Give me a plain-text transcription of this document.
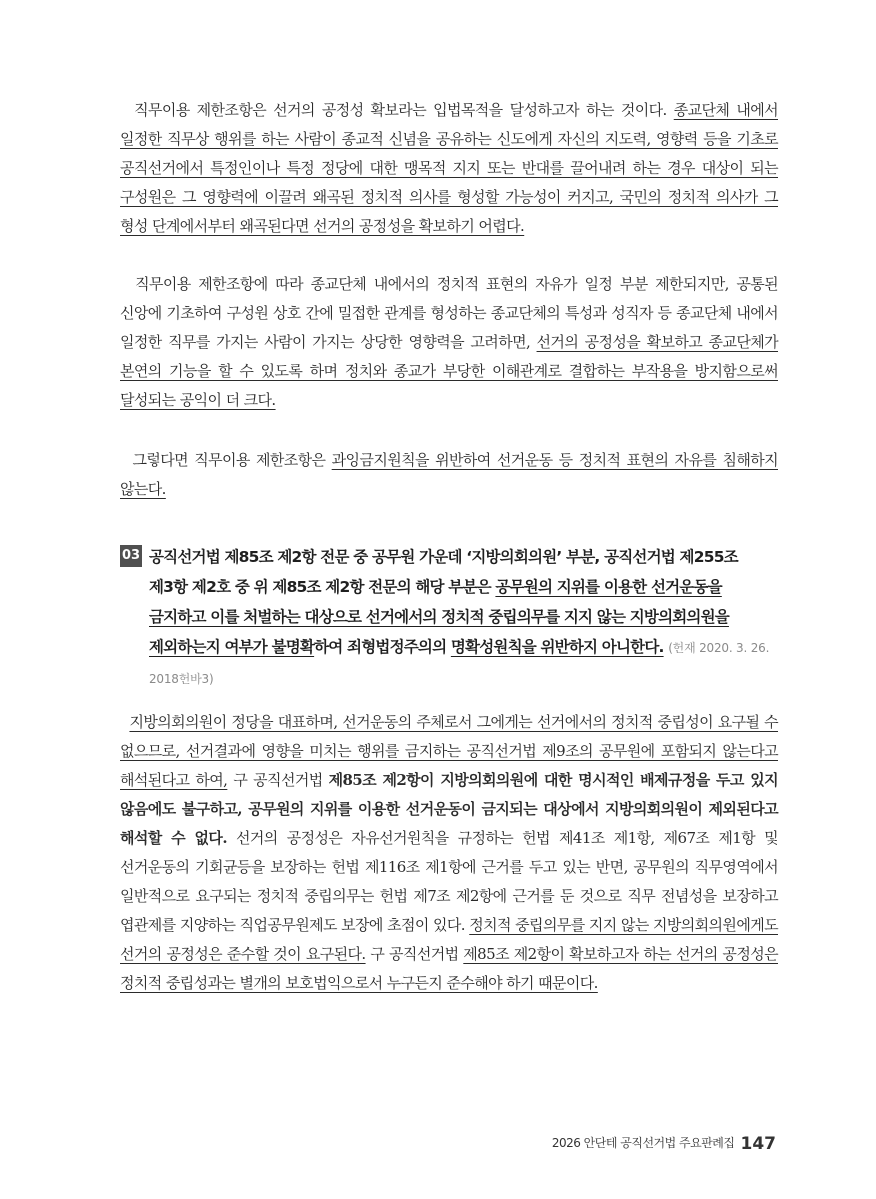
직무이용 제한조항은 선거의 공정성 확보라는 입법목적을 달성하고자 하는 것이다. 종교단체 내에서 일정한 직무상 행위를 하는 사람이 종교적 신념을 공유하는 신도에게 자신의 지도력, 영향력 등을 기초로 공직선거에서 특정인이나 특정 정당에 대한 맹목적 지지 또는 반대를 끌어내려 하는 경우 대상이 되는 구성원은 그 영향력에 이끌려 왜곡된 정치적 의사를 형성할 가능성이 커지고, 국민의 정치적 의사가 그 형성 단계에서부터 왜곡된다면 선거의 공정성을 확보하기 어렵다.

직무이용 제한조항에 따라 종교단체 내에서의 정치적 표현의 자유가 일정 부분 제한되지만, 공통된 신앙에 기초하여 구성원 상호 간에 밀접한 관계를 형성하는 종교단체의 특성과 성직자 등 종교단체 내에서 일정한 직무를 가지는 사람이 가지는 상당한 영향력을 고려하면, 선거의 공정성을 확보하고 종교단체가 본연의 기능을 할 수 있도록 하며 정치와 종교가 부당한 이해관계로 결합하는 부작용을 방지함으로써 달성되는 공익이 더 크다.

그렇다면 직무이용 제한조항은 과잉금지원칙을 위반하여 선거운동 등 정치적 표현의 자유를 침해하지 않는다.

03 공직선거법 제85조 제2항 전문 중 공무원 가운데 ‘지방의회의원’ 부분, 공직선거법 제255조 제3항 제2호 중 위 제85조 제2항 전문의 해당 부분은 공무원의 지위를 이용한 선거운동을 금지하고 이를 처벌하는 대상으로 선거에서의 정치적 중립의무를 지지 않는 지방의회의원을 제외하는지 여부가 불명확하여 죄형법정주의의 명확성원칙을 위반하지 아니한다. (헌재 2020. 3. 26. 2018헌바3)

지방의회의원이 정당을 대표하며, 선거운동의 주체로서 그에게는 선거에서의 정치적 중립성이 요구될 수 없으므로, 선거결과에 영향을 미치는 행위를 금지하는 공직선거법 제9조의 공무원에 포함되지 않는다고 해석된다고 하여, 구 공직선거법 제85조 제2항이 지방의회의원에 대한 명시적인 배제규정을 두고 있지 않음에도 불구하고, 공무원의 지위를 이용한 선거운동이 금지되는 대상에서 지방의회의원이 제외된다고 해석할 수 없다. 선거의 공정성은 자유선거원칙을 규정하는 헌법 제41조 제1항, 제67조 제1항 및 선거운동의 기회균등을 보장하는 헌법 제116조 제1항에 근거를 두고 있는 반면, 공무원의 직무영역에서 일반적으로 요구되는 정치적 중립의무는 헌법 제7조 제2항에 근거를 둔 것으로 직무 전념성을 보장하고 엽관제를 지양하는 직업공무원제도 보장에 초점이 있다. 정치적 중립의무를 지지 않는 지방의회의원에게도 선거의 공정성은 준수할 것이 요구된다. 구 공직선거법 제85조 제2항이 확보하고자 하는 선거의 공정성은 정치적 중립성과는 별개의 보호법익으로서 누구든지 준수해야 하기 때문이다.

2026 안단테 공직선거법 주요판례집 147
